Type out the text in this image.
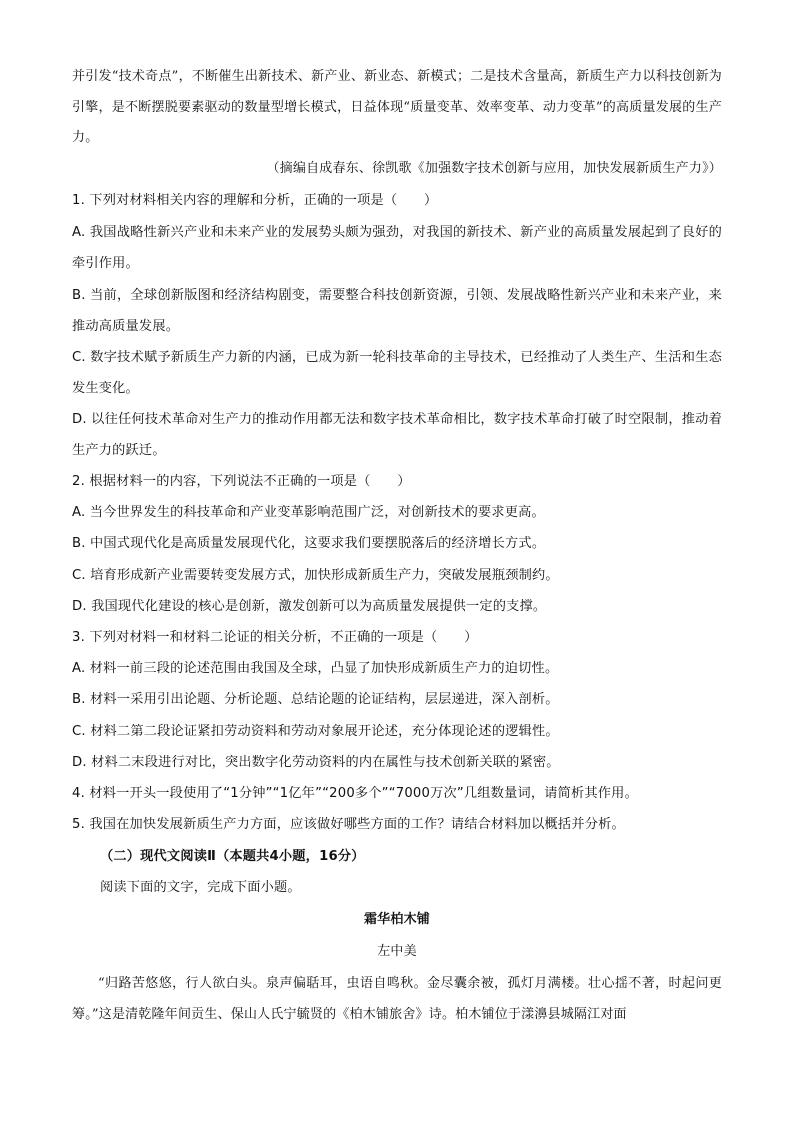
并引发“技术奇点”，不断催生出新技术、新产业、新业态、新模式；二是技术含量高，新质生产力以科技创新为引擎，是不断摆脱要素驱动的数量型增长模式，日益体现“质量变革、效率变革、动力变革”的高质量发展的生产力。

（摘编自成春东、徐凯歌《加强数字技术创新与应用，加快发展新质生产力》）

1. 下列对材料相关内容的理解和分析，正确的一项是（　　）

A. 我国战略性新兴产业和未来产业的发展势头颇为强劲，对我国的新技术、新产业的高质量发展起到了良好的牵引作用。

B. 当前，全球创新版图和经济结构剧变，需要整合科技创新资源，引领、发展战略性新兴产业和未来产业，来推动高质量发展。

C. 数字技术赋予新质生产力新的内涵，已成为新一轮科技革命的主导技术，已经推动了人类生产、生活和生态发生变化。

D. 以往任何技术革命对生产力的推动作用都无法和数字技术革命相比，数字技术革命打破了时空限制，推动着生产力的跃迁。

2. 根据材料一的内容，下列说法不正确的一项是（　　）

A. 当今世界发生的科技革命和产业变革影响范围广泛，对创新技术的要求更高。

B. 中国式现代化是高质量发展现代化，这要求我们要摆脱落后的经济增长方式。

C. 培育形成新产业需要转变发展方式，加快形成新质生产力，突破发展瓶颈制约。

D. 我国现代化建设的核心是创新，激发创新可以为高质量发展提供一定的支撑。

3. 下列对材料一和材料二论证的相关分析，不正确的一项是（　　）

A. 材料一前三段的论述范围由我国及全球，凸显了加快形成新质生产力的迫切性。

B. 材料一采用引出论题、分析论题、总结论题的论证结构，层层递进，深入剖析。

C. 材料二第二段论证紧扣劳动资料和劳动对象展开论述，充分体现论述的逻辑性。

D. 材料二末段进行对比，突出数字化劳动资料的内在属性与技术创新关联的紧密。

4. 材料一开头一段使用了“1分钟”“1亿年”“200多个”“7000万次”几组数量词，请简析其作用。

5. 我国在加快发展新质生产力方面，应该做好哪些方面的工作？请结合材料加以概括并分析。

（二）现代文阅读Ⅱ（本题共4小题，16分）

阅读下面的文字，完成下面小题。

霜华柏木铺

左中美

“归路苦悠悠，行人欲白头。泉声偏聒耳，虫语自鸣秋。金尽囊余被，孤灯月满楼。壮心揺不著，时起问更筹。”这是清乾隆年间贡生、保山人氏宁毓贤的《柏木铺旅舍》诗。柏木铺位于漾濞县城隔江对面
